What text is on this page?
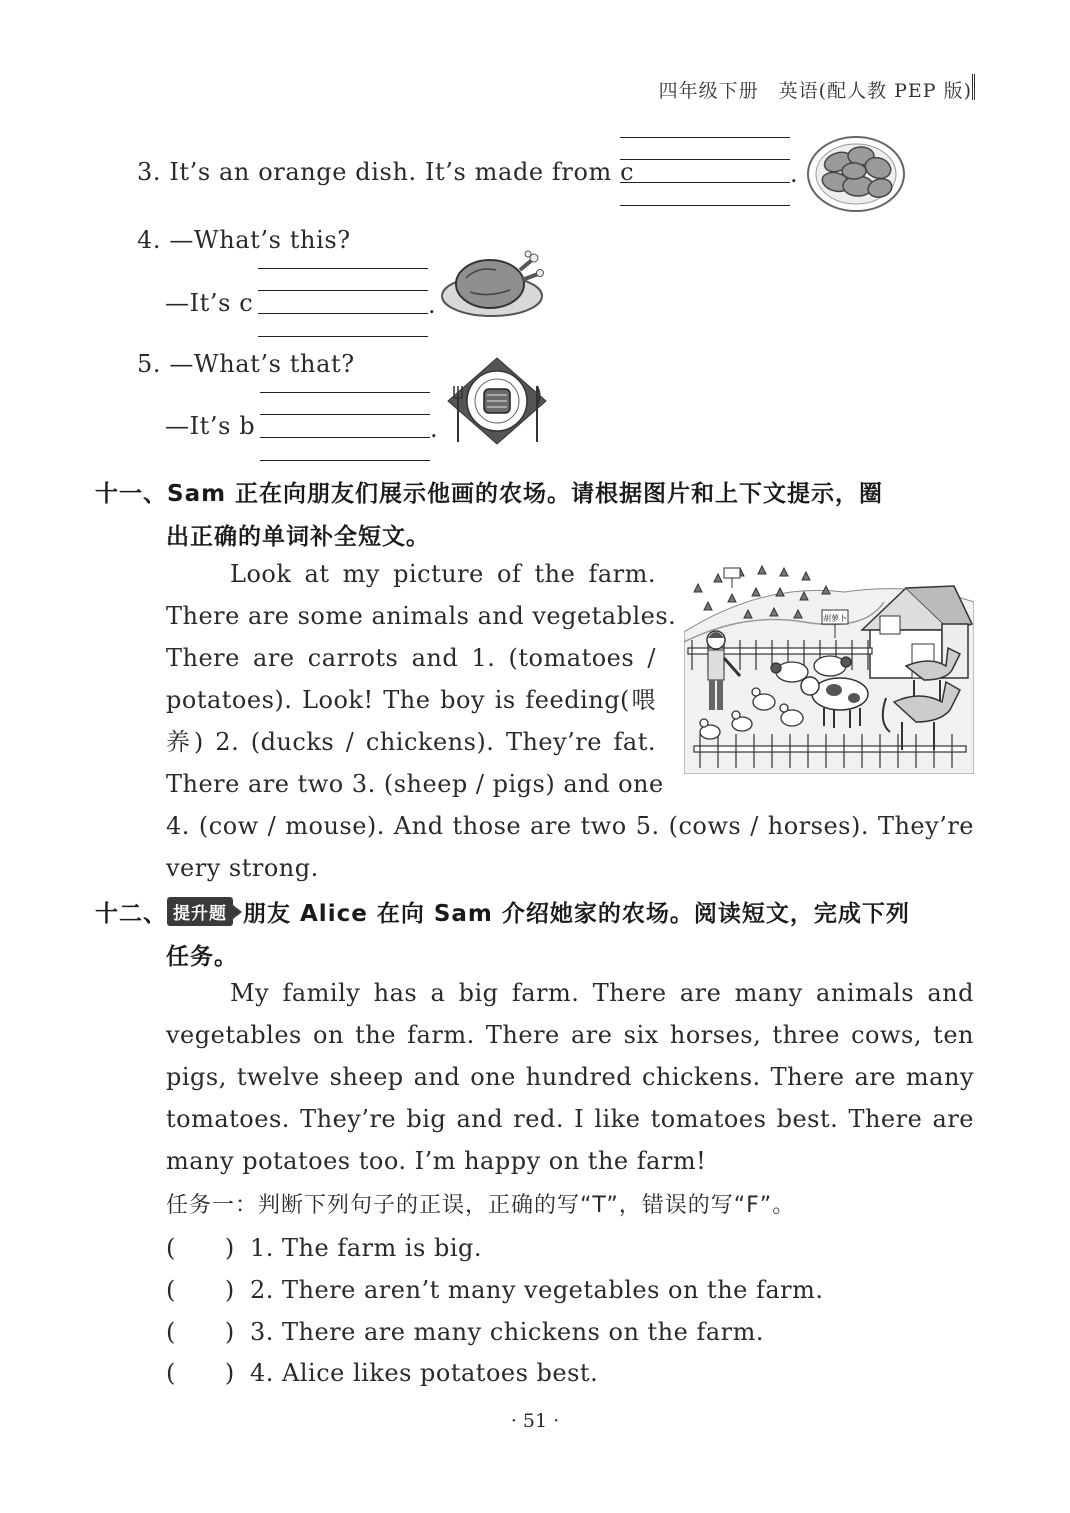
四年级下册　英语(配人教 PEP 版)
3. It’s an orange dish. It’s made from c	.
4. —What’s this?
—It’s c	.
5. —What’s that?
—It’s b	.
十一、Sam 正在向朋友们展示他画的农场。请根据图片和上下文提示，圈
出正确的单词补全短文。
Look at my picture of the farm.
There are some animals and vegetables.
There are carrots and 1. (tomatoes /
potatoes). Look! The boy is feeding(喂
养) 2. (ducks / chickens). They’re fat.
There are two 3. (sheep / pigs) and one
4. (cow / mouse). And those are two 5. (cows / horses). They’re
very strong.
胡萝卜
十二、 提升题 朋友 Alice 在向 Sam 介绍她家的农场。阅读短文，完成下列
任务。
My family has a big farm. There are many animals and
vegetables on the farm. There are six horses, three cows, ten
pigs, twelve sheep and one hundred chickens. There are many
tomatoes. They’re big and red. I like tomatoes best. There are
many potatoes too. I’m happy on the farm!
任务一：判断下列句子的正误，正确的写“T”，错误的写“F”。
(　　) 1. The farm is big.
(　　) 2. There aren’t many vegetables on the farm.
(　　) 3. There are many chickens on the farm.
(　　) 4. Alice likes potatoes best.
· 51 ·
